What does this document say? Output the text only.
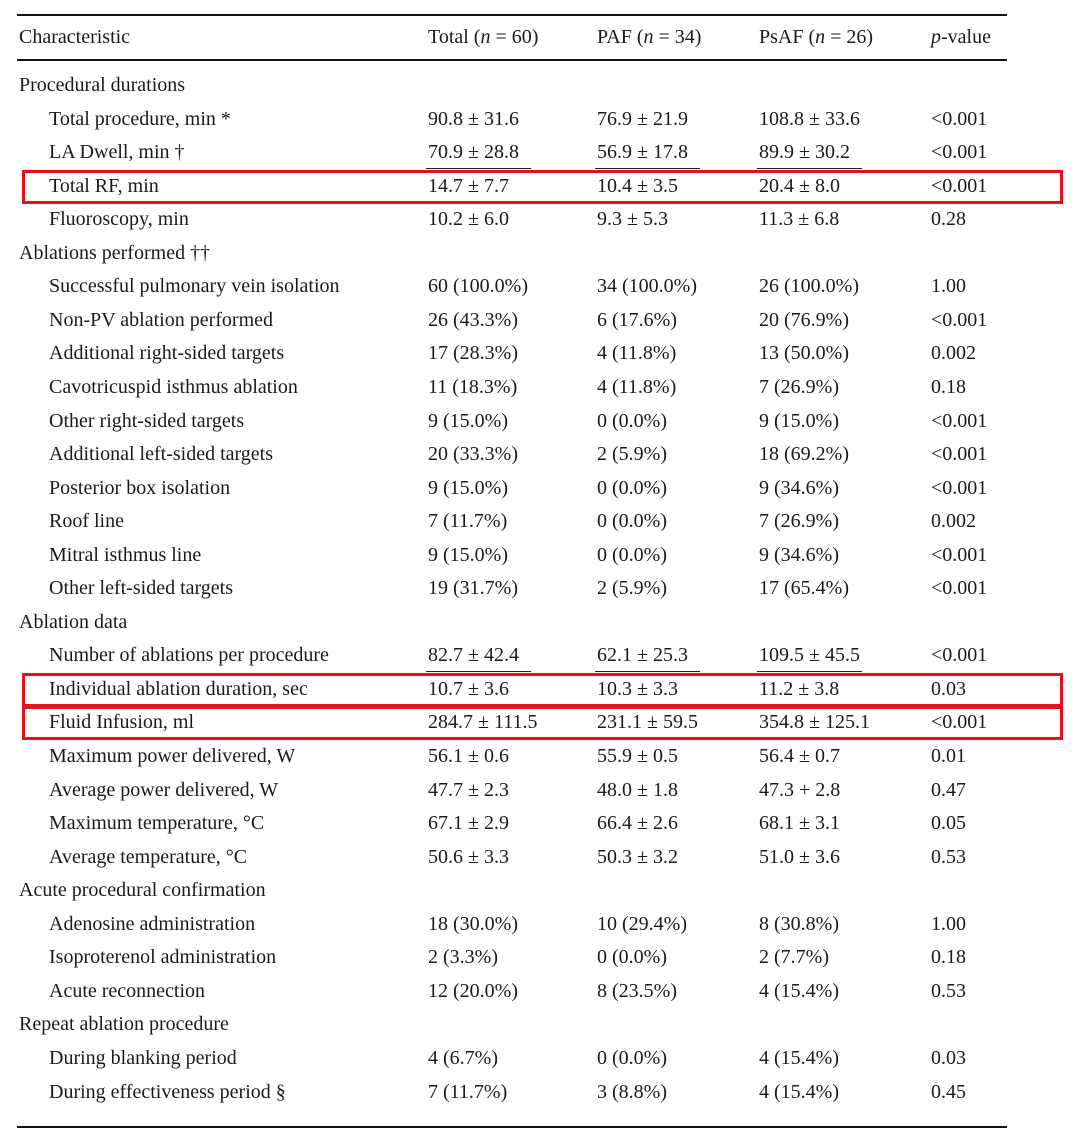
Characteristic	Total (n = 60)	PAF (n = 34)	PsAF (n = 26)	p-value
Procedural durations
Total procedure, min *	90.8 ± 31.6	76.9 ± 21.9	108.8 ± 33.6	<0.001
LA Dwell, min †	70.9 ± 28.8	56.9 ± 17.8	89.9 ± 30.2	<0.001
Total RF, min	14.7 ± 7.7	10.4 ± 3.5	20.4 ± 8.0	<0.001
Fluoroscopy, min	10.2 ± 6.0	9.3 ± 5.3	11.3 ± 6.8	0.28
Ablations performed ††
Successful pulmonary vein isolation	60 (100.0%)	34 (100.0%)	26 (100.0%)	1.00
Non-PV ablation performed	26 (43.3%)	6 (17.6%)	20 (76.9%)	<0.001
Additional right-sided targets	17 (28.3%)	4 (11.8%)	13 (50.0%)	0.002
Cavotricuspid isthmus ablation	11 (18.3%)	4 (11.8%)	7 (26.9%)	0.18
Other right-sided targets	9 (15.0%)	0 (0.0%)	9 (15.0%)	<0.001
Additional left-sided targets	20 (33.3%)	2 (5.9%)	18 (69.2%)	<0.001
Posterior box isolation	9 (15.0%)	0 (0.0%)	9 (34.6%)	<0.001
Roof line	7 (11.7%)	0 (0.0%)	7 (26.9%)	0.002
Mitral isthmus line	9 (15.0%)	0 (0.0%)	9 (34.6%)	<0.001
Other left-sided targets	19 (31.7%)	2 (5.9%)	17 (65.4%)	<0.001
Ablation data
Number of ablations per procedure	82.7 ± 42.4	62.1 ± 25.3	109.5 ± 45.5	<0.001
Individual ablation duration, sec	10.7 ± 3.6	10.3 ± 3.3	11.2 ± 3.8	0.03
Fluid Infusion, ml	284.7 ± 111.5	231.1 ± 59.5	354.8 ± 125.1	<0.001
Maximum power delivered, W	56.1 ± 0.6	55.9 ± 0.5	56.4 ± 0.7	0.01
Average power delivered, W	47.7 ± 2.3	48.0 ± 1.8	47.3 + 2.8	0.47
Maximum temperature, °C	67.1 ± 2.9	66.4 ± 2.6	68.1 ± 3.1	0.05
Average temperature, °C	50.6 ± 3.3	50.3 ± 3.2	51.0 ± 3.6	0.53
Acute procedural confirmation
Adenosine administration	18 (30.0%)	10 (29.4%)	8 (30.8%)	1.00
Isoproterenol administration	2 (3.3%)	0 (0.0%)	2 (7.7%)	0.18
Acute reconnection	12 (20.0%)	8 (23.5%)	4 (15.4%)	0.53
Repeat ablation procedure
During blanking period	4 (6.7%)	0 (0.0%)	4 (15.4%)	0.03
During effectiveness period §	7 (11.7%)	3 (8.8%)	4 (15.4%)	0.45
